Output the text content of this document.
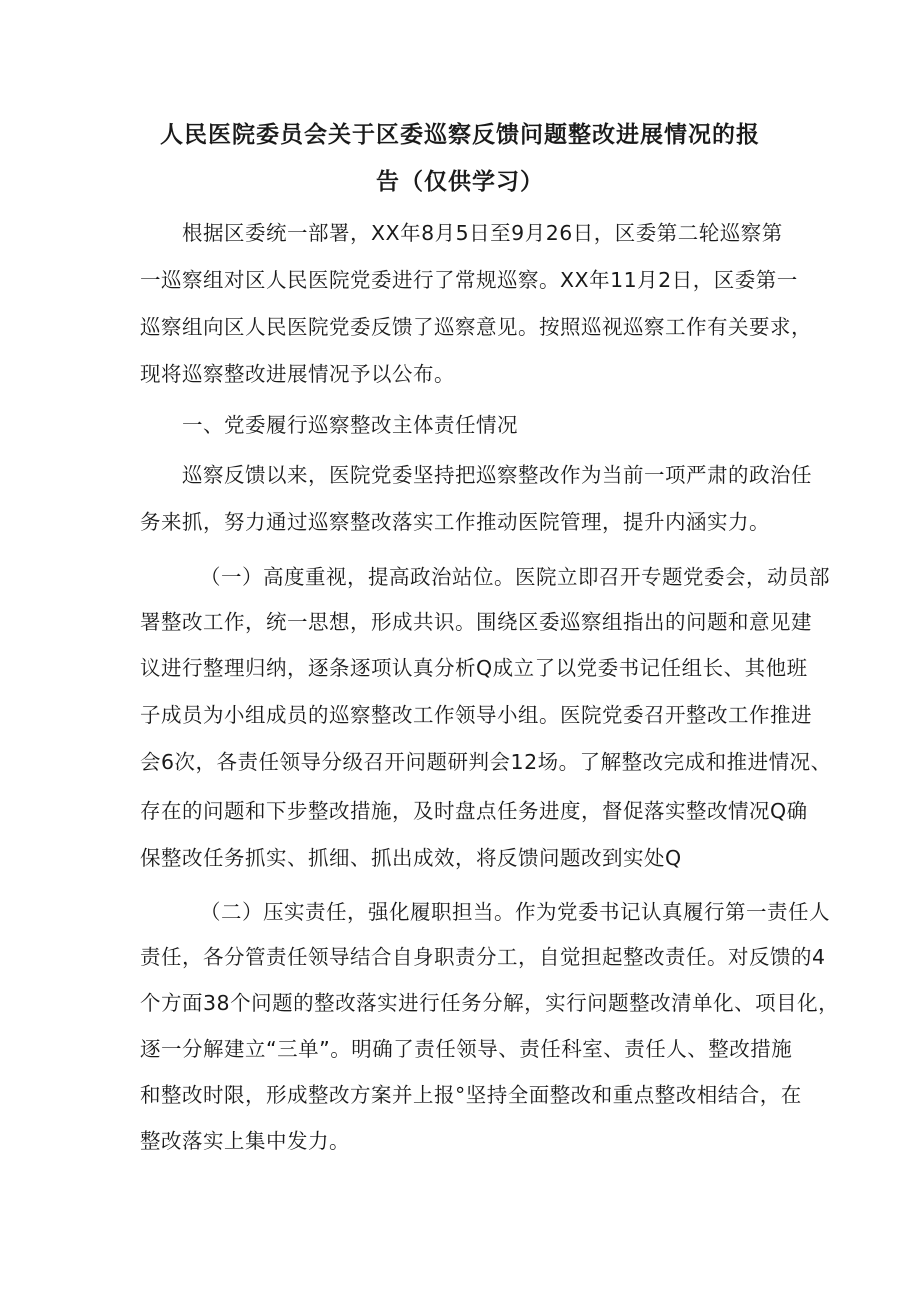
人民医院委员会关于区委巡察反馈问题整改进展情况的报
告（仅供学习）
根据区委统一部署，XX年8月5日至9月26日，区委第二轮巡察第
一巡察组对区人民医院党委进行了常规巡察。XX年11月2日，区委第一
巡察组向区人民医院党委反馈了巡察意见。按照巡视巡察工作有关要求，
现将巡察整改进展情况予以公布。
一、党委履行巡察整改主体责任情况
巡察反馈以来，医院党委坚持把巡察整改作为当前一项严肃的政治任
务来抓，努力通过巡察整改落实工作推动医院管理，提升内涵实力。
（一）高度重视，提高政治站位。医院立即召开专题党委会，动员部
署整改工作，统一思想，形成共识。围绕区委巡察组指出的问题和意见建
议进行整理归纳，逐条逐项认真分析Q成立了以党委书记任组长、其他班
子成员为小组成员的巡察整改工作领导小组。医院党委召开整改工作推进
会6次，各责任领导分级召开问题研判会12场。了解整改完成和推进情况、
存在的问题和下步整改措施，及时盘点任务进度，督促落实整改情况Q确
保整改任务抓实、抓细、抓出成效，将反馈问题改到实处Q
（二）压实责任，强化履职担当。作为党委书记认真履行第一责任人
责任，各分管责任领导结合自身职责分工，自觉担起整改责任。对反馈的4
个方面38个问题的整改落实进行任务分解，实行问题整改清单化、项目化，
逐一分解建立“三单”。明确了责任领导、责任科室、责任人、整改措施
和整改时限，形成整改方案并上报°坚持全面整改和重点整改相结合，在
整改落实上集中发力。
